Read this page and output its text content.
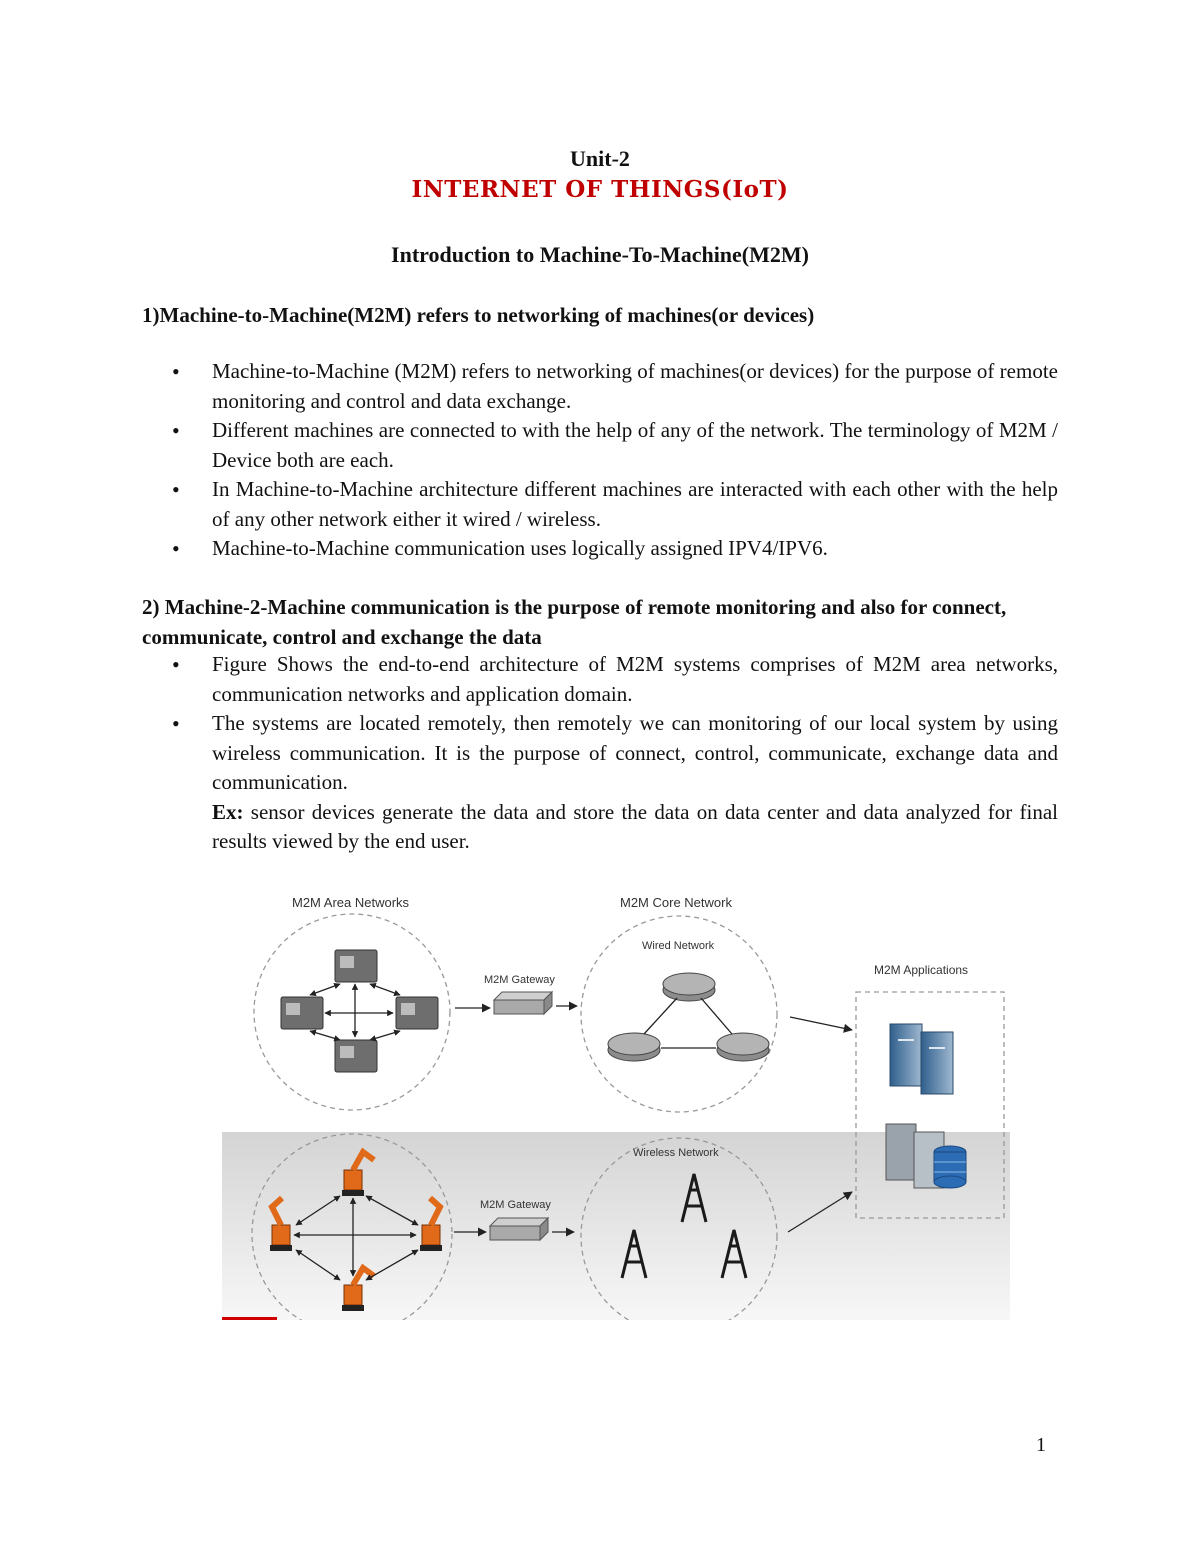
Unit-2
INTERNET OF THINGS(IoT)
Introduction to Machine-To-Machine(M2M)
1)Machine-to-Machine(M2M) refers to networking of machines(or devices)
• Machine-to-Machine (M2M) refers to networking of machines(or devices) for the purpose of remote monitoring and control and data exchange.
• Different machines are connected to with the help of any of the network. The terminology of M2M / Device both are each.
• In Machine-to-Machine architecture different machines are interacted with each other with the help of any other network either it wired / wireless.
• Machine-to-Machine communication uses logically assigned IPV4/IPV6.
2) Machine-2-Machine communication is the purpose of remote monitoring and also for connect, communicate, control and exchange the data
• Figure Shows the end-to-end architecture of M2M systems comprises of M2M area networks, communication networks and application domain.
• The systems are located remotely, then remotely we can monitoring of our local system by using wireless communication. It is the purpose of connect, control, communicate, exchange data and communication.
Ex: sensor devices generate the data and store the data on data center and data analyzed for final results viewed by the end user.
M2M Area Networks	M2M Core Network
M2M Applications
M2M Gateway
M2M Gateway
Wired Network
Wireless Network
1
